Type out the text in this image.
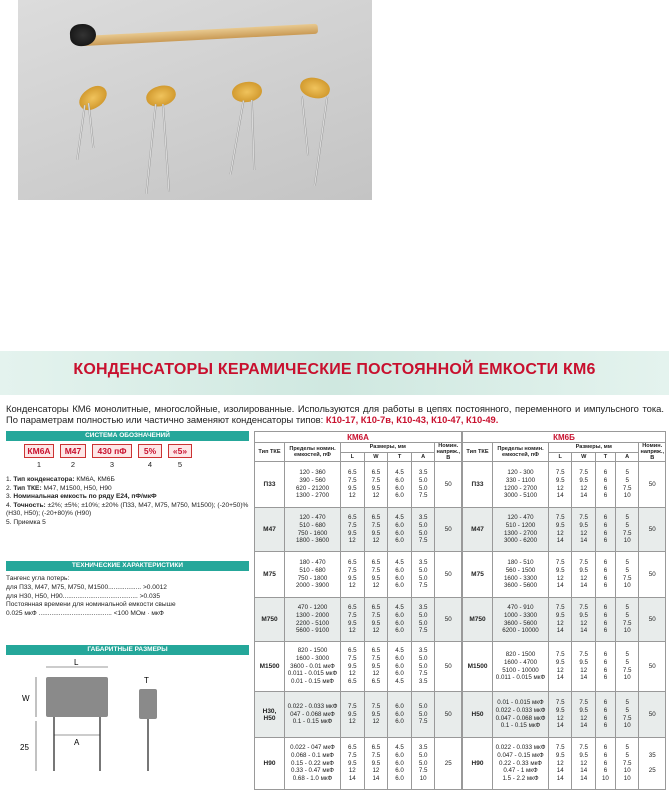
КОНДЕНСАТОРЫ КЕРАМИЧЕСКИЕ ПОСТОЯННОЙ ЕМКОСТИ КМ6
Конденсаторы КМ6 монолитные, многослойные, изолированные. Используются для работы в цепях постоянного, переменного и импульсного тока. По параметрам полностью или частично заменяют конденсаторы типов: К10-17, К10-7в, К10-43, К10-47, К10-49.
СИСТЕМА ОБОЗНАЧЕНИЙ
КМ6А	М47	430 пФ	5%	«5»
1	2	3	4	5
1. Тип конденсатора: КМ6А, КМ6Б
2. Тип ТКЕ: М47, М1500, Н50, Н90
3. Номинальная емкость по ряду Е24, пФ/мкФ
4. Точность: ±2%; ±5%; ±10%; ±20% (П33, М47, М75, М750, М1500); (-20+50)% (Н30, Н50); (-20+80)% (Н90)
5. Приемка 5
ТЕХНИЧЕСКИЕ ХАРАКТЕРИСТИКИ
Тангенс угла потерь:
для П33, М47, М75, М750, М1500.................. >0.0012
для Н30, Н50, Н90......................................... >0.035
Постоянная времени для номинальной емкости свыше
0.025 мкФ ........................................ <100 МОм · мкФ
ГАБАРИТНЫЕ РАЗМЕРЫ
L
W
25
T
A
КМ6А						
Тип ТКЕ	Пределы номин. емкостей, пФ	Размеры, мм				Номин. напряж., В
		L	W	T	A	
П33	120 - 360
390 - 560
620 - 21200
1300 - 2700	6.5
7.5
9.5
12	6.5
7.5
9.5
12	4.5
6.0
6.0
6.0	3.5
5.0
5.0
7.5	50
М47	120 - 470
510 - 680
750 - 1600
1800 - 3600	6.5
7.5
9.5
12	6.5
7.5
9.5
12	4.5
6.0
6.0
6.0	3.5
5.0
5.0
7.5	50
М75	180 - 470
510 - 680
750 - 1800
2000 - 3900	6.5
7.5
9.5
12	6.5
7.5
9.5
12	4.5
6.0
6.0
6.0	3.5
5.0
5.0
7.5	50
М750	470 - 1200
1300 - 2000
2200 - 5100
5600 - 9100	6.5
7.5
9.5
12	6.5
7.5
9.5
12	4.5
6.0
6.0
6.0	3.5
5.0
5.0
7.5	50
М1500	820 - 1500
1600 - 3000
3600 - 0.01 мкФ
0.011 - 0.015 мкФ
0.01 - 0.15 мкФ	6.5
7.5
9.5
12
6.5	6.5
7.5
9.5
12
6.5	4.5
6.0
6.0
6.0
4.5	3.5
5.0
5.0
7.5
3.5	50
Н30,
Н50	0.022 - 0.033 мкФ
047 - 0.068 мкФ
0.1 - 0.15 мкФ	7.5
9.5
12	7.5
9.5
12	6.0
6.0
6.0	5.0
5.0
7.5	50
Н90	0.022 - 047 мкФ
0.068 - 0.1 мкФ
0.15 - 0.22 мкФ
0.33 - 0.47 мкФ
0.68 - 1.0 мкФ	6.5
7.5
9.5
12
14	6.5
7.5
9.5
12
14	4.5
6.0
6.0
6.0
6.0	3.5
5.0
5.0
7.5
10	25
КМ6Б						
Тип ТКЕ	Пределы номин. емкостей, пФ	Размеры, мм				Номин. напряж., В
		L	W	T	A	
П33	120 - 300
330 - 1100
1200 - 2700
3000 - 5100	7.5
9.5
12
14	7.5
9.5
12
14	6
6
6
6	5
5
7.5
10	50
М47	120 - 470
510 - 1200
1300 - 2700
3000 - 6200	7.5
9.5
12
14	7.5
9.5
12
14	6
6
6
6	5
5
7.5
10	50
М75	180 - 510
560 - 1500
1600 - 3300
3600 - 5600	7.5
9.5
12
14	7.5
9.5
12
14	6
6
6
6	5
5
7.5
10	50
М750	470 - 910
1000 - 3300
3600 - 5600
6200 - 10000	7.5
9.5
12
14	7.5
9.5
12
14	6
6
6
6	5
5
7.5
10	50
М1500	820 - 1500
1600 - 4700
5100 - 10000
0.011 - 0.015 мкФ	7.5
9.5
12
14	7.5
9.5
12
14	6
6
6
6	5
5
7.5
10	50
Н50	0.01 - 0.015 мкФ
0.022 - 0.033 мкФ
0.047 - 0.068 мкФ
0.1 - 0.15 мкФ	7.5
9.5
12
14	7.5
9.5
12
14	6
6
6
6	5
5
7.5
10	50
Н90	0.022 - 0.033 мкФ
0.047 - 0.15 мкФ
0.22 - 0.33 мкФ
0.47 - 1 мкФ
1.5 - 2.2 мкФ	7.5
9.5
12
14
14	7.5
9.5
12
14
14	6
6
6
6
10	5
5
7.5
10
10	35

25
